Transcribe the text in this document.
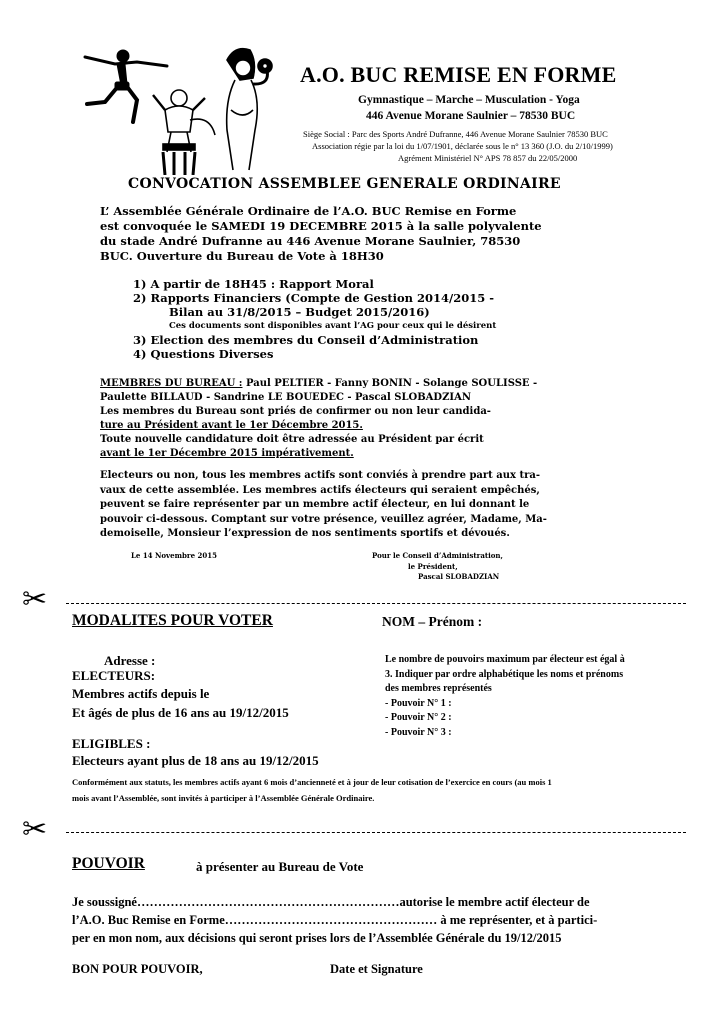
A.O. BUC REMISE EN FORME
Gymnastique – Marche – Musculation - Yoga
446 Avenue Morane Saulnier – 78530 BUC
Siège Social : Parc des Sports André Dufranne, 446 Avenue Morane Saulnier 78530 BUC
Association régie par la loi du 1/07/1901, déclarée sous le n° 13 360 (J.O. du 2/10/1999)
Agrément Ministériel N° APS 78 857 du 22/05/2000
CONVOCATION ASSEMBLEE GENERALE ORDINAIRE
L’ Assemblée Générale Ordinaire de l’A.O. BUC Remise en Forme
est convoquée le SAMEDI 19 DECEMBRE 2015 à la salle polyvalente
du stade André Dufranne au 446 Avenue Morane Saulnier, 78530
BUC. Ouverture du Bureau de Vote à 18H30
1) A partir de 18H45 : Rapport Moral
2) Rapports Financiers (Compte de Gestion 2014/2015 -
Bilan au 31/8/2015 – Budget 2015/2016)
Ces documents sont disponibles avant l’AG pour ceux qui le désirent
3) Election des membres du Conseil d’Administration
4) Questions Diverses
MEMBRES DU BUREAU : Paul PELTIER - Fanny BONIN - Solange SOULISSE -
Paulette BILLAUD - Sandrine LE BOUEDEC - Pascal SLOBADZIAN
Les membres du Bureau sont priés de confirmer ou non leur candida-
ture au Président avant le 1er Décembre 2015.
Toute nouvelle candidature doit être adressée au Président par écrit
avant le 1er Décembre 2015 impérativement.
Electeurs ou non, tous les membres actifs sont conviés à prendre part aux tra-
vaux de cette assemblée. Les membres actifs électeurs qui seraient empêchés,
peuvent se faire représenter par un membre actif électeur, en lui donnant le
pouvoir ci-dessous. Comptant sur votre présence, veuillez agréer, Madame, Ma-
demoiselle, Monsieur l’expression de nos sentiments sportifs et dévoués.
Le 14 Novembre 2015	Pour le Conseil d’Administration,
le Président,
Pascal SLOBADZIAN
✂
MODALITES POUR VOTER	NOM – Prénom :
Adresse :
ELECTEURS:
Membres actifs depuis le
Et âgés de plus de 16 ans au 19/12/2015
ELIGIBLES :
Electeurs ayant plus de 18 ans au 19/12/2015
Le nombre de pouvoirs maximum par électeur est égal à
3. Indiquer par ordre alphabétique les noms et prénoms
des membres représentés
- Pouvoir N° 1 :
- Pouvoir N° 2 :
- Pouvoir N° 3 :
Conformément aux statuts, les membres actifs ayant 6 mois d’ancienneté et à jour de leur cotisation de l’exercice en cours (au mois 1
mois avant l’Assemblée, sont invités à participer à l’Assemblée Générale Ordinaire.
✂
POUVOIR	à présenter au Bureau de Vote
Je soussigné………………………………………………………autorise le membre actif électeur de
l’A.O. Buc Remise en Forme…………………………………………… à me représenter, et à partici-
per en mon nom, aux décisions qui seront prises lors de l’Assemblée Générale du 19/12/2015
BON POUR POUVOIR,	Date et Signature
